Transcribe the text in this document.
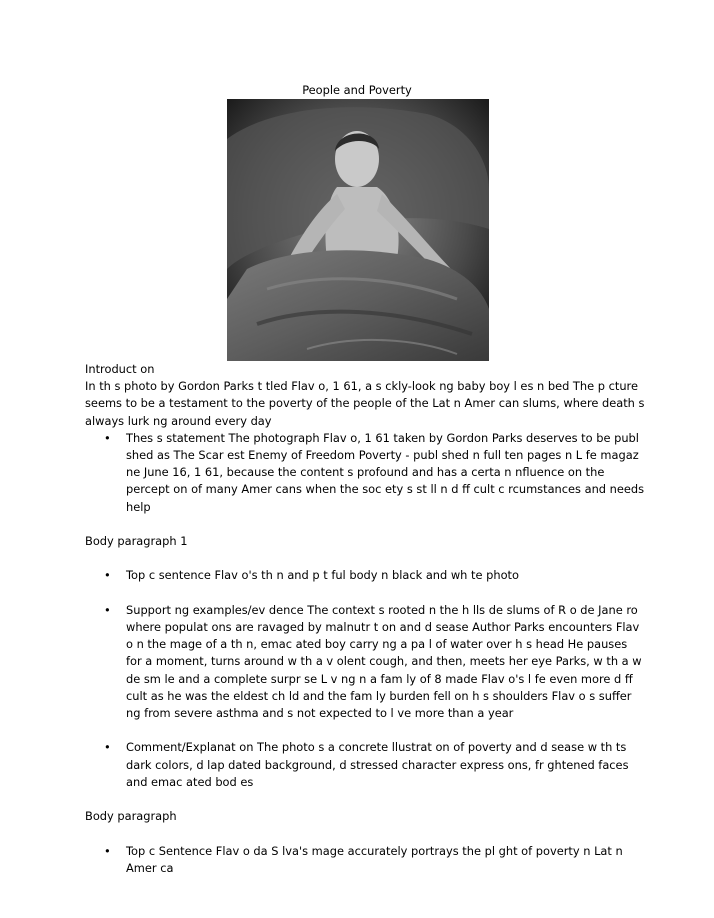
People and Poverty

Introduct on

In th s photo by Gordon Parks t tled Flav o, 1 61, a s ckly-look ng baby boy l es n bed The p cture seems to be a testament to the poverty of the people of the Lat n Amer can slums, where death s always lurk ng around every day

• Thes s statement The photograph Flav o, 1 61 taken by Gordon Parks deserves to be publ shed as The Scar est Enemy of Freedom Poverty - publ shed n full ten pages n L fe magaz ne June 16, 1 61, because the content s profound and has a certa n nfluence on the percept on of many Amer cans when the soc ety s st ll n d ff cult c rcumstances and needs help

Body paragraph 1

• Top c sentence Flav o's th n and p t ful body n black and wh te photo

• Support ng examples/ev dence The context s rooted n the h lls de slums of R o de Jane ro where populat ons are ravaged by malnutr t on and d sease Author Parks encounters Flav o n the mage of a th n, emac ated boy carry ng a pa l of water over h s head He pauses for a moment, turns around w th a v olent cough, and then, meets her eye Parks, w th a w de sm le and a complete surpr se L v ng n a fam ly of 8 made Flav o's l fe even more d ff cult as he was the eldest ch ld and the fam ly burden fell on h s shoulders Flav o s suffer ng from severe asthma and s not expected to l ve more than a year

• Comment/Explanat on The photo s a concrete llustrat on of poverty and d sease w th ts dark colors, d lap dated background, d stressed character express ons, fr ghtened faces and emac ated bod es

Body paragraph

• Top c Sentence Flav o da S lva's mage accurately portrays the pl ght of poverty n Lat n Amer ca
